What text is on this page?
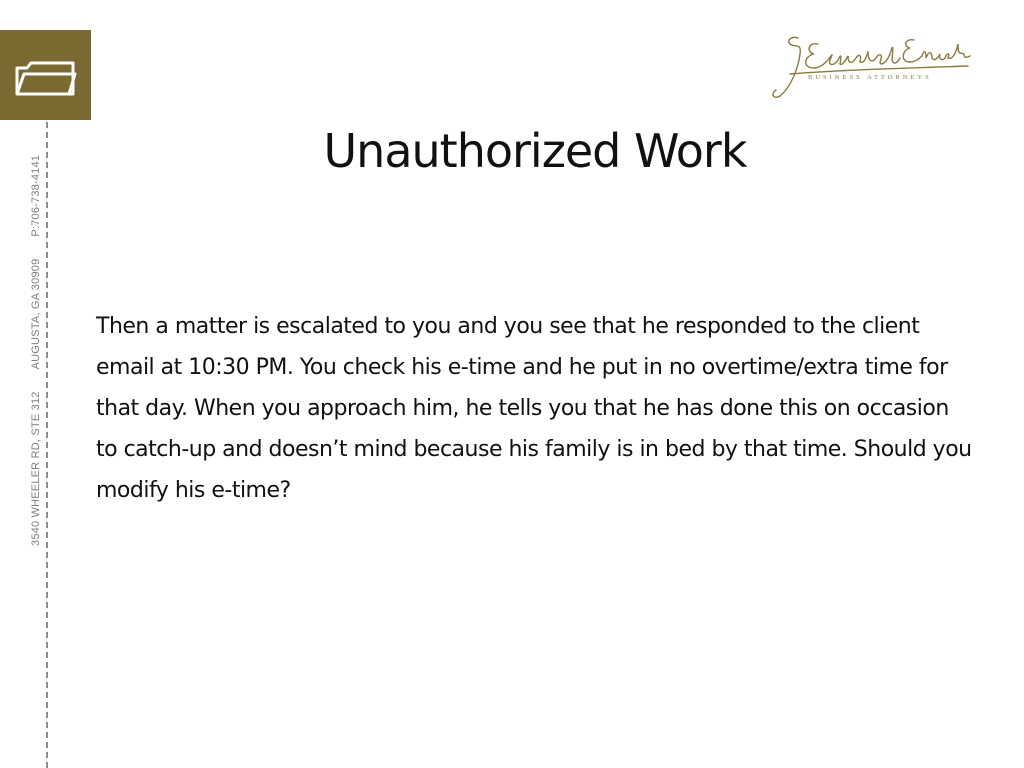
3540 WHEELER RD, STE 312AUGUSTA, GA 30909P:706-738-4141
BUSINESS ATTORNEYS
Unauthorized Work

Then a matter is escalated to you and you see that he responded to the client email at 10:30 PM. You check his e-time and he put in no overtime/extra time for that day. When you approach him, he tells you that he has done this on occasion to catch-up and doesn’t mind because his family is in bed by that time. Should you modify his e-time?
